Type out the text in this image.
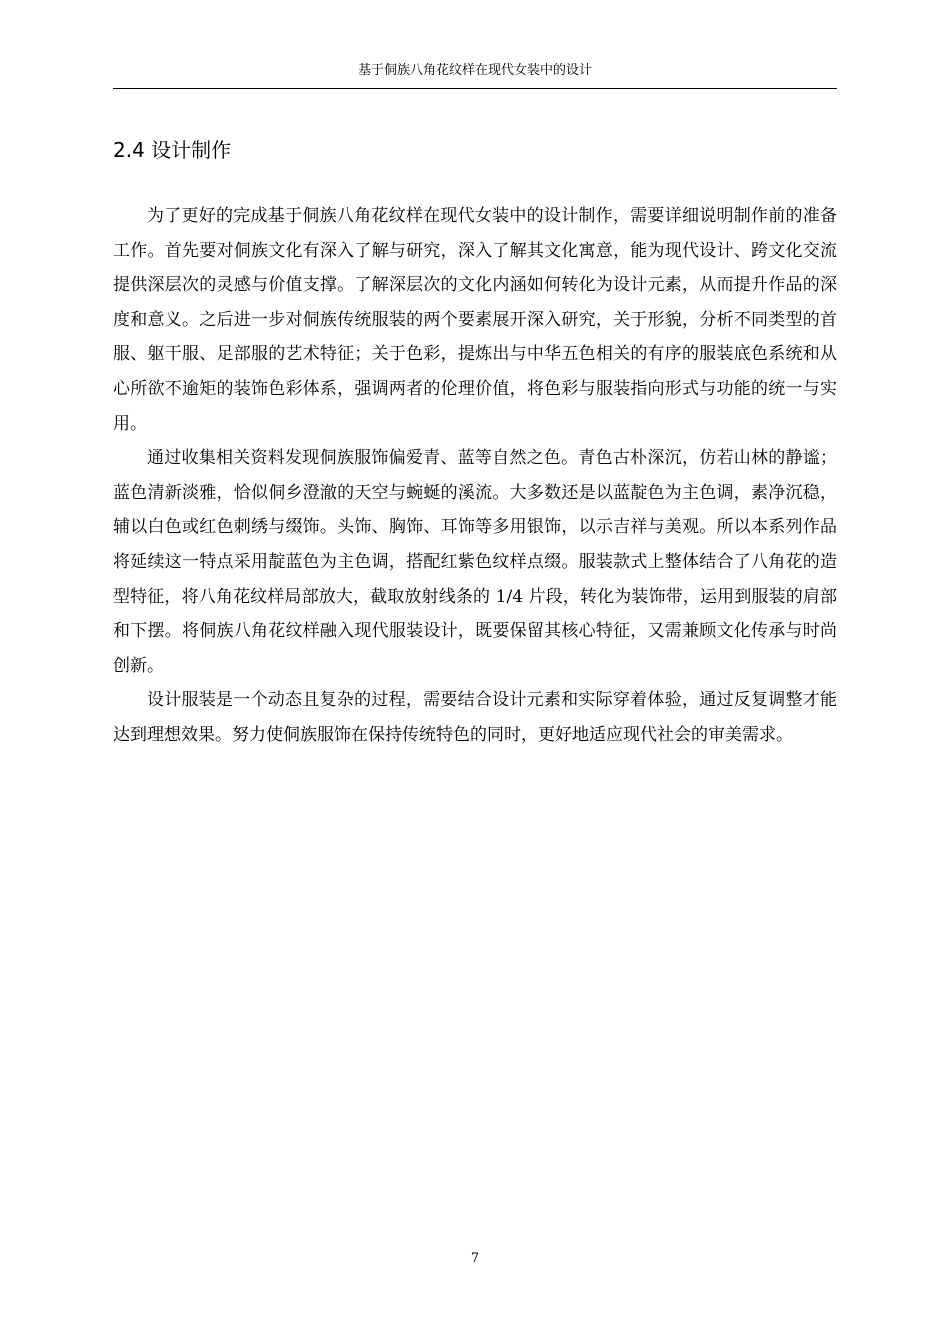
基于侗族八角花纹样在现代女装中的设计
2.4 设计制作

为了更好的完成基于侗族八角花纹样在现代女装中的设计制作，需要详细说明制作前的准备工作。首先要对侗族文化有深入了解与研究，深入了解其文化寓意，能为现代设计、跨文化交流提供深层次的灵感与价值支撑。了解深层次的文化内涵如何转化为设计元素，从而提升作品的深度和意义。之后进一步对侗族传统服装的两个要素展开深入研究，关于形貌，分析不同类型的首服、躯干服、足部服的艺术特征；关于色彩，提炼出与中华五色相关的有序的服装底色系统和从心所欲不逾矩的装饰色彩体系，强调两者的伦理价值，将色彩与服装指向形式与功能的统一与实用。

通过收集相关资料发现侗族服饰偏爱青、蓝等自然之色。青色古朴深沉，仿若山林的静谧；蓝色清新淡雅，恰似侗乡澄澈的天空与蜿蜒的溪流。大多数还是以蓝靛色为主色调，素净沉稳，辅以白色或红色刺绣与缀饰。头饰、胸饰、耳饰等多用银饰，以示吉祥与美观。所以本系列作品将延续这一特点采用靛蓝色为主色调，搭配红紫色纹样点缀。服装款式上整体结合了八角花的造型特征，将八角花纹样局部放大，截取放射线条的 1/4 片段，转化为装饰带，运用到服装的肩部和下摆。将侗族八角花纹样融入现代服装设计，既要保留其核心特征，又需兼顾文化传承与时尚创新。

设计服装是一个动态且复杂的过程，需要结合设计元素和实际穿着体验，通过反复调整才能达到理想效果。努力使侗族服饰在保持传统特色的同时，更好地适应现代社会的审美需求。

7
